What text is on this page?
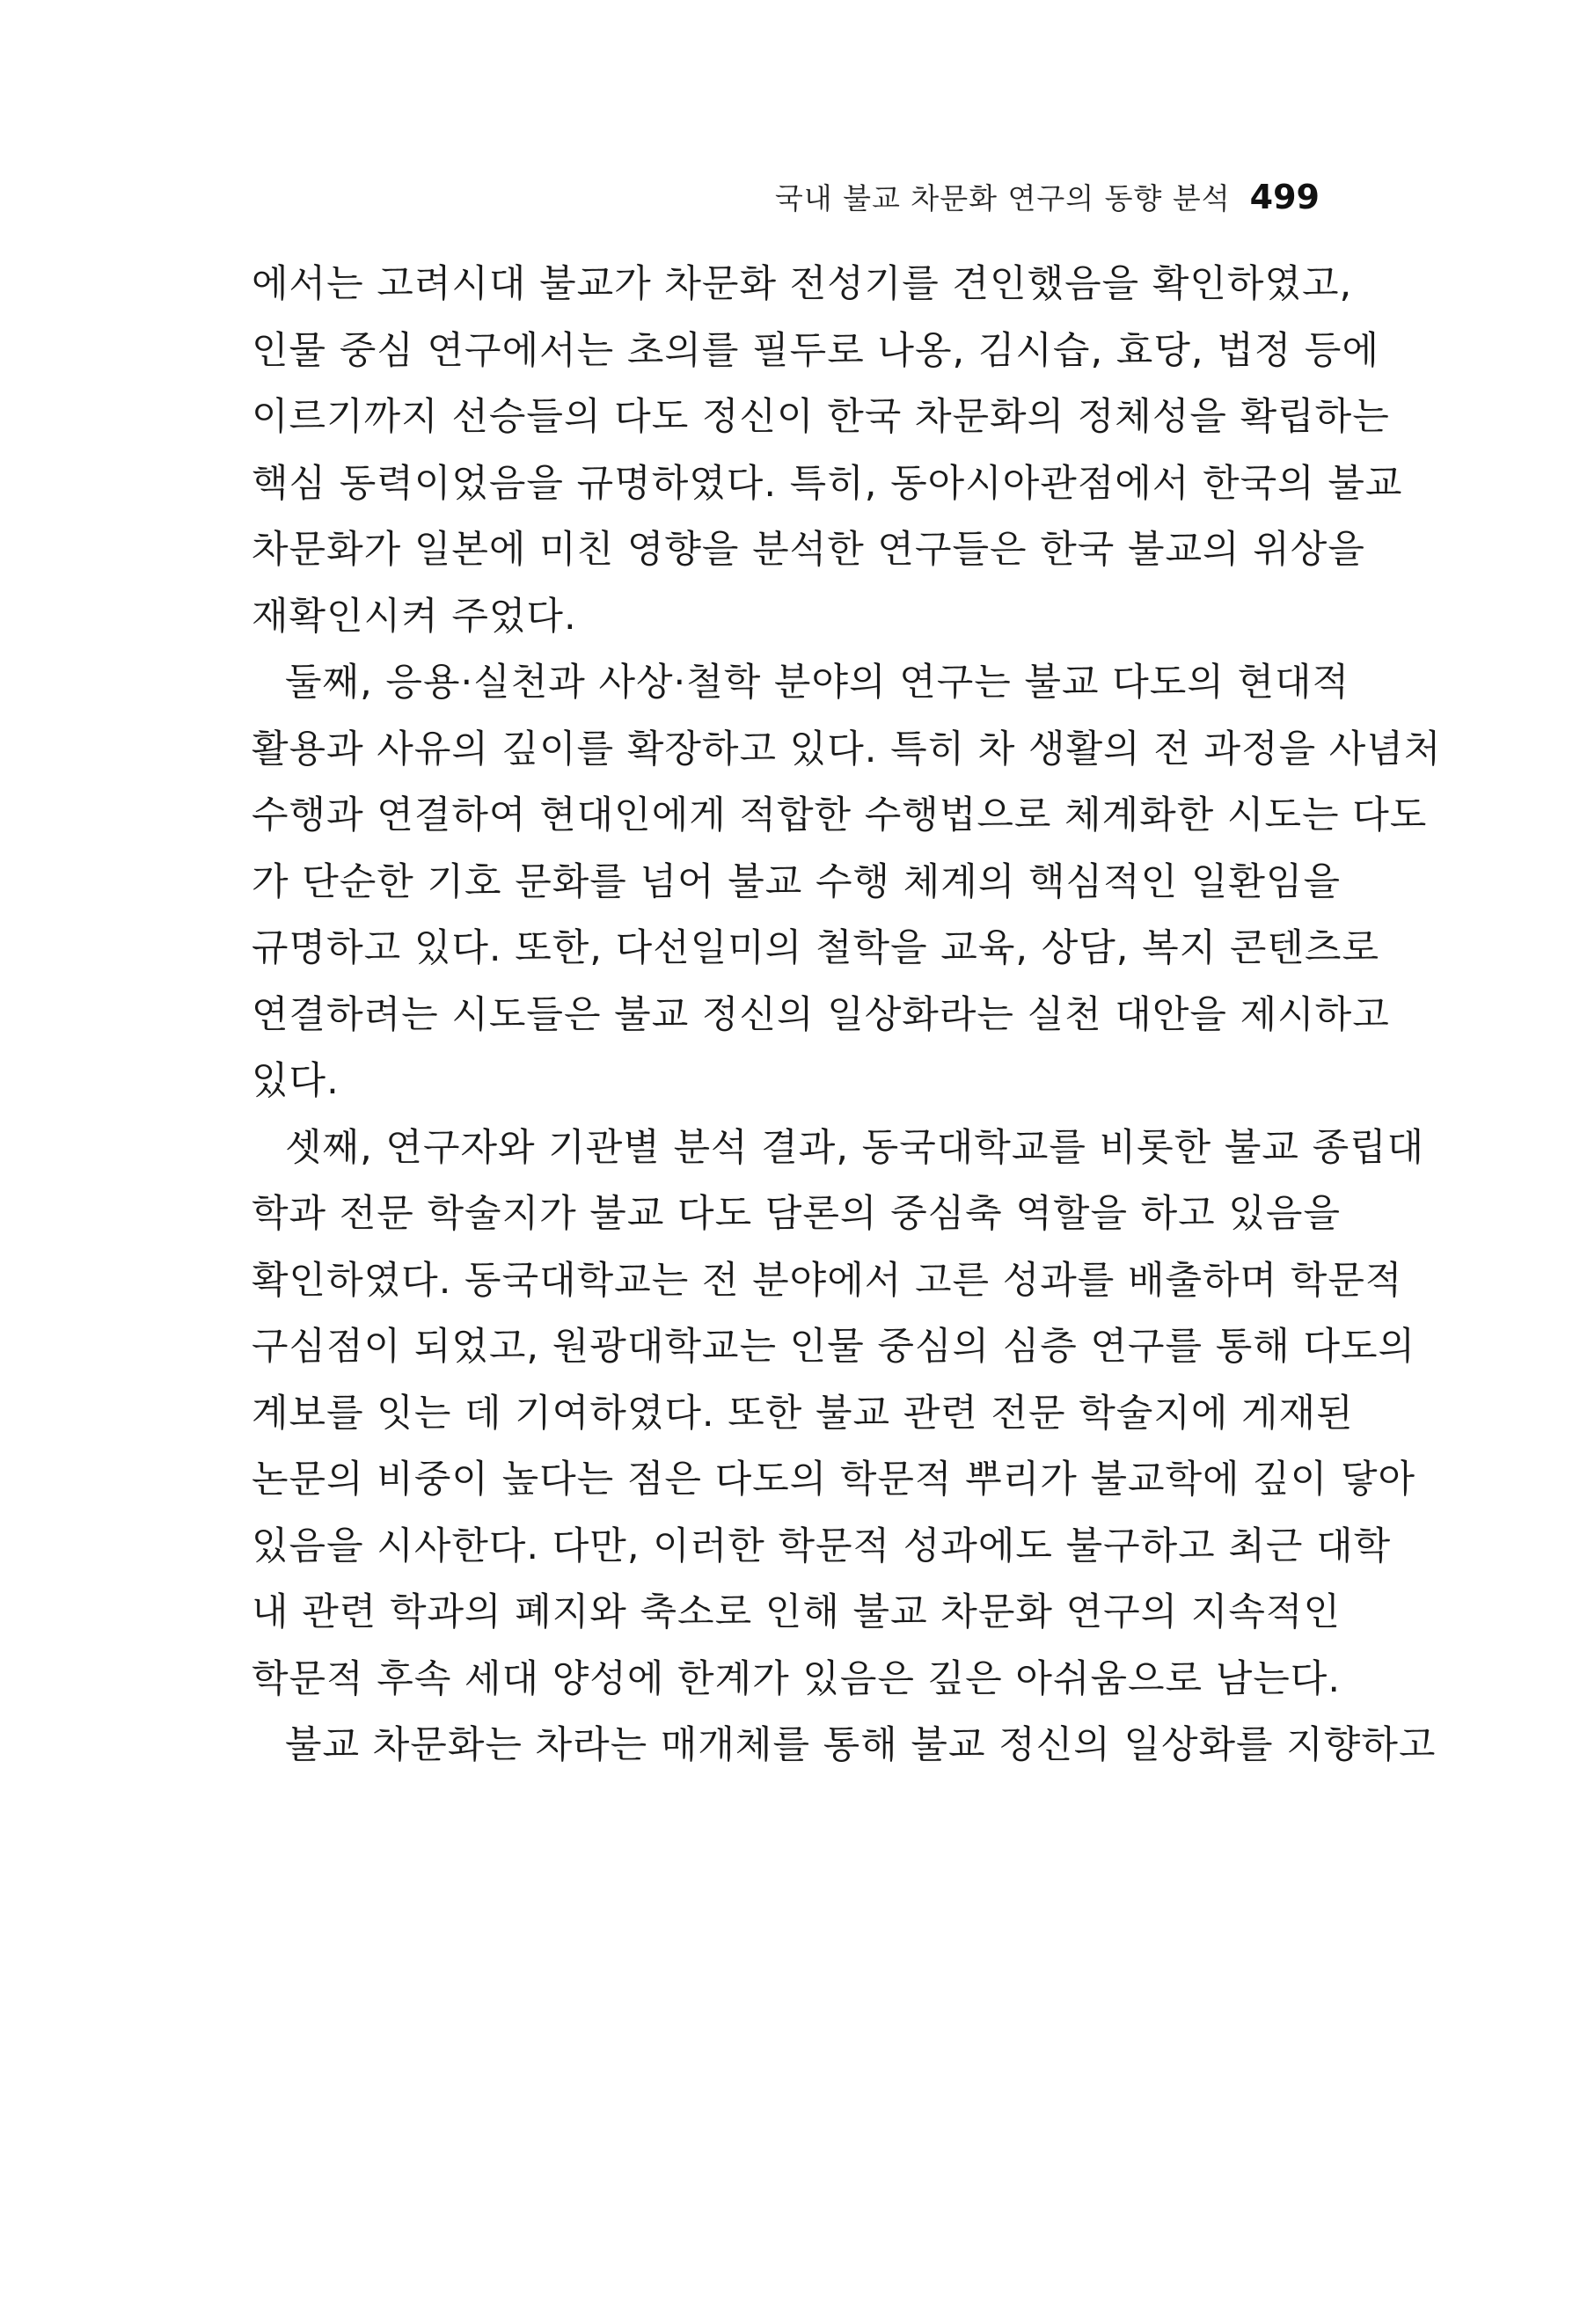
국내 불교 차문화 연구의 동향 분석 499
에서는 고려시대 불교가 차문화 전성기를 견인했음을 확인하였고,
인물 중심 연구에서는 초의를 필두로 나옹, 김시습, 효당, 법정 등에
이르기까지 선승들의 다도 정신이 한국 차문화의 정체성을 확립하는
핵심 동력이었음을 규명하였다. 특히, 동아시아관점에서 한국의 불교
차문화가 일본에 미친 영향을 분석한 연구들은 한국 불교의 위상을
재확인시켜 주었다.
둘째, 응용·실천과 사상·철학 분야의 연구는 불교 다도의 현대적
활용과 사유의 깊이를 확장하고 있다. 특히 차 생활의 전 과정을 사념처
수행과 연결하여 현대인에게 적합한 수행법으로 체계화한 시도는 다도
가 단순한 기호 문화를 넘어 불교 수행 체계의 핵심적인 일환임을
규명하고 있다. 또한, 다선일미의 철학을 교육, 상담, 복지 콘텐츠로
연결하려는 시도들은 불교 정신의 일상화라는 실천 대안을 제시하고
있다.
셋째, 연구자와 기관별 분석 결과, 동국대학교를 비롯한 불교 종립대
학과 전문 학술지가 불교 다도 담론의 중심축 역할을 하고 있음을
확인하였다. 동국대학교는 전 분야에서 고른 성과를 배출하며 학문적
구심점이 되었고, 원광대학교는 인물 중심의 심층 연구를 통해 다도의
계보를 잇는 데 기여하였다. 또한 불교 관련 전문 학술지에 게재된
논문의 비중이 높다는 점은 다도의 학문적 뿌리가 불교학에 깊이 닿아
있음을 시사한다. 다만, 이러한 학문적 성과에도 불구하고 최근 대학
내 관련 학과의 폐지와 축소로 인해 불교 차문화 연구의 지속적인
학문적 후속 세대 양성에 한계가 있음은 깊은 아쉬움으로 남는다.
불교 차문화는 차라는 매개체를 통해 불교 정신의 일상화를 지향하고
